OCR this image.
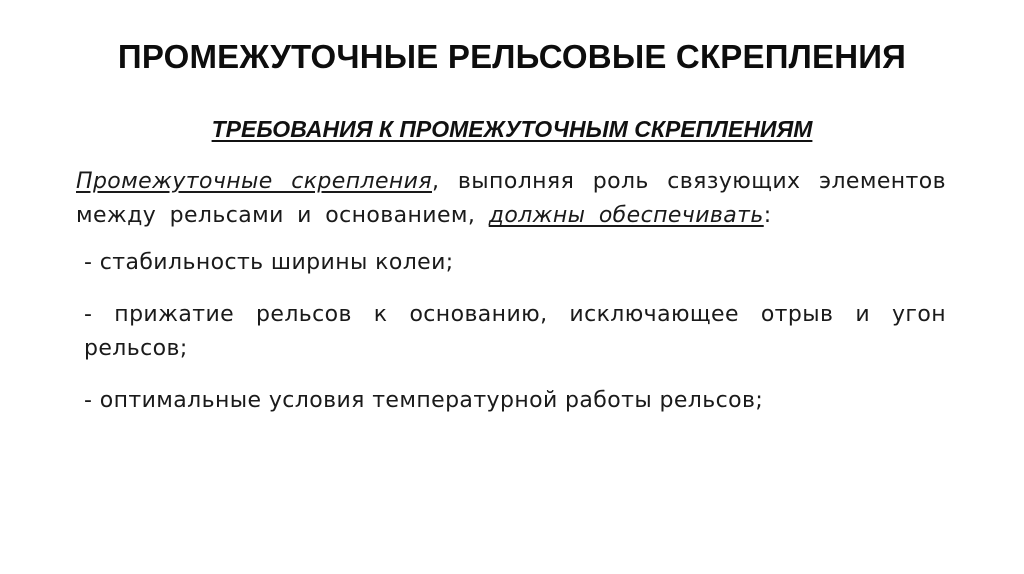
ПРОМЕЖУТОЧНЫЕ РЕЛЬСОВЫЕ СКРЕПЛЕНИЯ
ТРЕБОВАНИЯ К ПРОМЕЖУТОЧНЫМ СКРЕПЛЕНИЯМ

Промежуточные скрепления, выполняя роль связующих элементов между рельсами и основанием, должны обеспечивать:

- стабильность ширины колеи;

- прижатие рельсов к основанию, исключающее отрыв и угон рельсов;

- оптимальные условия температурной работы рельсов;
